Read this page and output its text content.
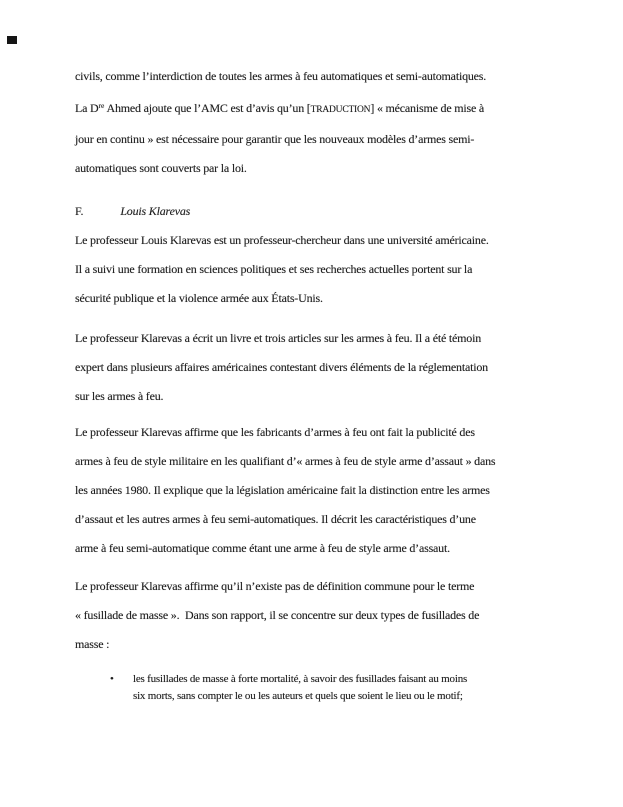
civils, comme l’interdiction de toutes les armes à feu automatiques et semi-automatiques.
La Dre Ahmed ajoute que l’AMC est d’avis qu’un [TRADUCTION] « mécanisme de mise à
jour en continu » est nécessaire pour garantir que les nouveaux modèles d’armes semi-
automatiques sont couverts par la loi.
F.	Louis Klarevas
Le professeur Louis Klarevas est un professeur-chercheur dans une université américaine.
Il a suivi une formation en sciences politiques et ses recherches actuelles portent sur la
sécurité publique et la violence armée aux États-Unis.
Le professeur Klarevas a écrit un livre et trois articles sur les armes à feu. Il a été témoin
expert dans plusieurs affaires américaines contestant divers éléments de la réglementation
sur les armes à feu.
Le professeur Klarevas affirme que les fabricants d’armes à feu ont fait la publicité des
armes à feu de style militaire en les qualifiant d’« armes à feu de style arme d’assaut » dans
les années 1980. Il explique que la législation américaine fait la distinction entre les armes
d’assaut et les autres armes à feu semi-automatiques. Il décrit les caractéristiques d’une
arme à feu semi-automatique comme étant une arme à feu de style arme d’assaut.
Le professeur Klarevas affirme qu’il n’existe pas de définition commune pour le terme
« fusillade de masse ».  Dans son rapport, il se concentre sur deux types de fusillades de
masse :
• les fusillades de masse à forte mortalité, à savoir des fusillades faisant au moins
six morts, sans compter le ou les auteurs et quels que soient le lieu ou le motif;
